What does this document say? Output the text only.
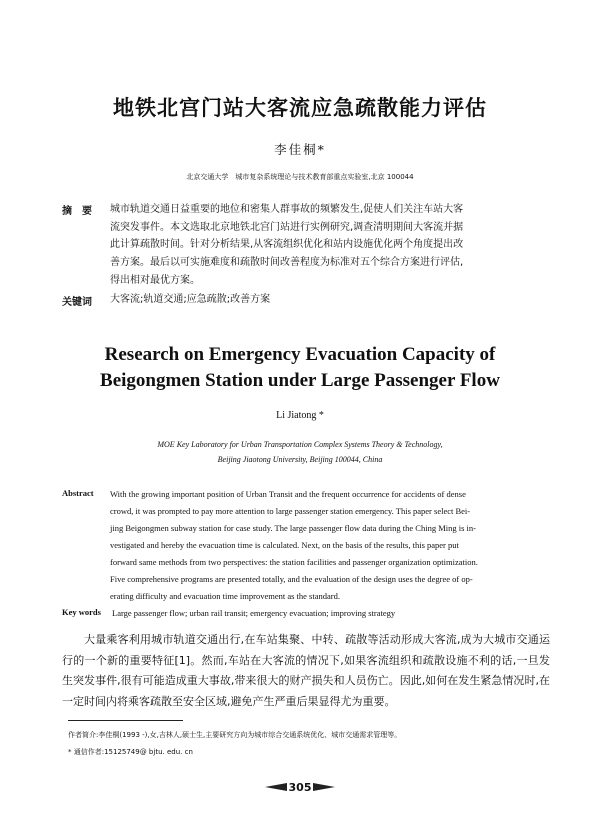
地铁北宫门站大客流应急疏散能力评估
李佳桐*
北京交通大学　城市复杂系统理论与技术教育部重点实验室,北京 100044
摘　要 城市轨道交通日益重要的地位和密集人群事故的频繁发生,促使人们关注车站大客
流突发事件。本文选取北京地铁北宫门站进行实例研究,调查清明期间大客流并据
此计算疏散时间。针对分析结果,从客流组织优化和站内设施优化两个角度提出改
善方案。最后以可实施难度和疏散时间改善程度为标准对五个综合方案进行评估,
得出相对最优方案。
关键词 大客流;轨道交通;应急疏散;改善方案
Research on Emergency Evacuation Capacity of
Beigongmen Station under Large Passenger Flow
Li Jiatong *
MOE Key Laboratory for Urban Transportation Complex Systems Theory & Technology,
Beijing Jiaotong University, Beijing 100044, China
Abstract With the growing important position of Urban Transit and the frequent occurrence for accidents of dense
crowd, it was prompted to pay more attention to large passenger station emergency. This paper select Bei-
jing Beigongmen subway station for case study. The large passenger flow data during the Ching Ming is in-
vestigated and hereby the evacuation time is calculated. Next, on the basis of the results, this paper put
forward same methods from two perspectives: the station facilities and passenger organization optimization.
Five comprehensive programs are presented totally, and the evaluation of the design uses the degree of op-
erating difficulty and evacuation time improvement as the standard.
Key words Large passenger flow; urban rail transit; emergency evacuation; improving strategy
大量乘客利用城市轨道交通出行,在车站集聚、中转、疏散等活动形成大客流,成为大城市交通运行的一个新的重要特征[1]。然而,车站在大客流的情况下,如果客流组织和疏散设施不利的话,一旦发生突发事件,很有可能造成重大事故,带来很大的财产损失和人员伤亡。因此,如何在发生紧急情况时,在一定时间内将乘客疏散至安全区域,避免产生严重后果显得尤为重要。
作者简介:李佳桐(1993 -),女,吉林人,硕士生,主要研究方向为城市综合交通系统优化、城市交通需求管理等。
* 通信作者:15125749@ bjtu. edu. cn
305
